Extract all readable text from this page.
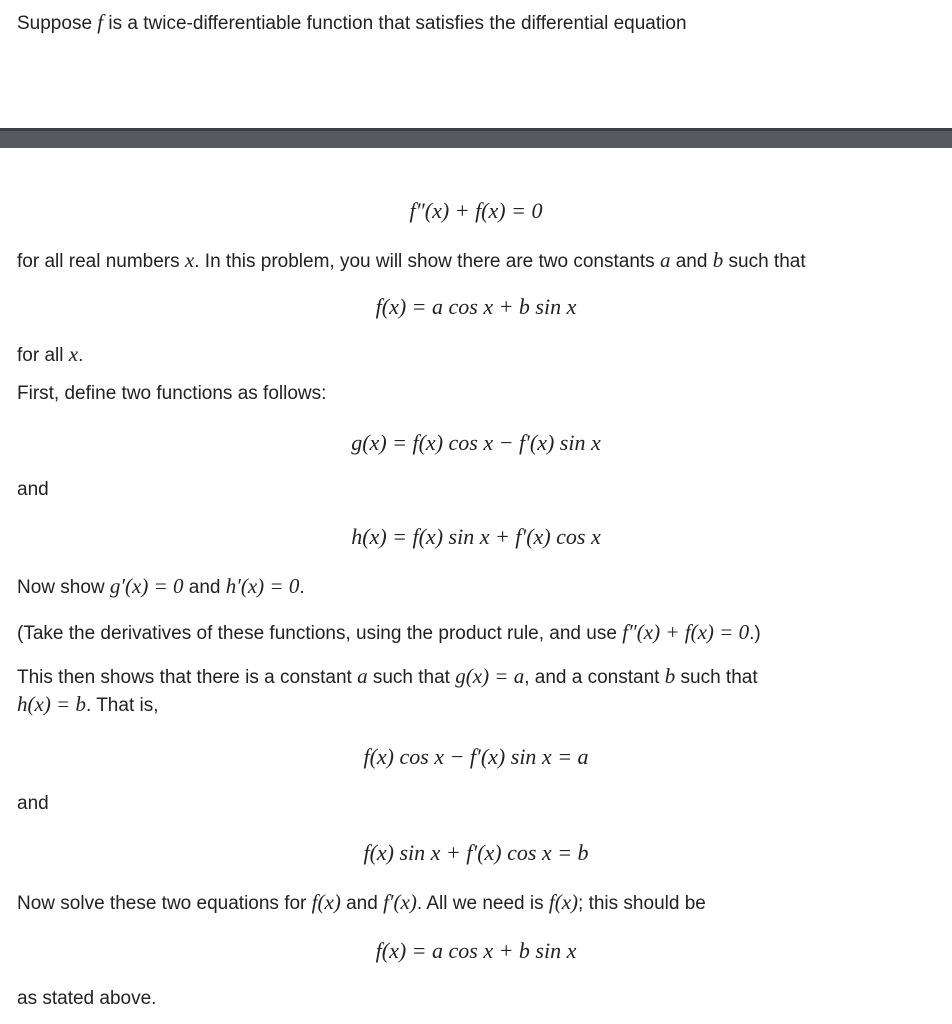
Suppose f is a twice-differentiable function that satisfies the differential equation
f″(x) + f(x) = 0
for all real numbers x. In this problem, you will show there are two constants a and b such that
f(x) = a cos x + b sin x
for all x.
First, define two functions as follows:
g(x) = f(x) cos x − f′(x) sin x
and
h(x) = f(x) sin x + f′(x) cos x
Now show g′(x) = 0 and h′(x) = 0.
(Take the derivatives of these functions, using the product rule, and use f″(x) + f(x) = 0.)
This then shows that there is a constant a such that g(x) = a, and a constant b such that
h(x) = b. That is,
f(x) cos x − f′(x) sin x = a
and
f(x) sin x + f′(x) cos x = b
Now solve these two equations for f(x) and f′(x). All we need is f(x); this should be
f(x) = a cos x + b sin x
as stated above.
